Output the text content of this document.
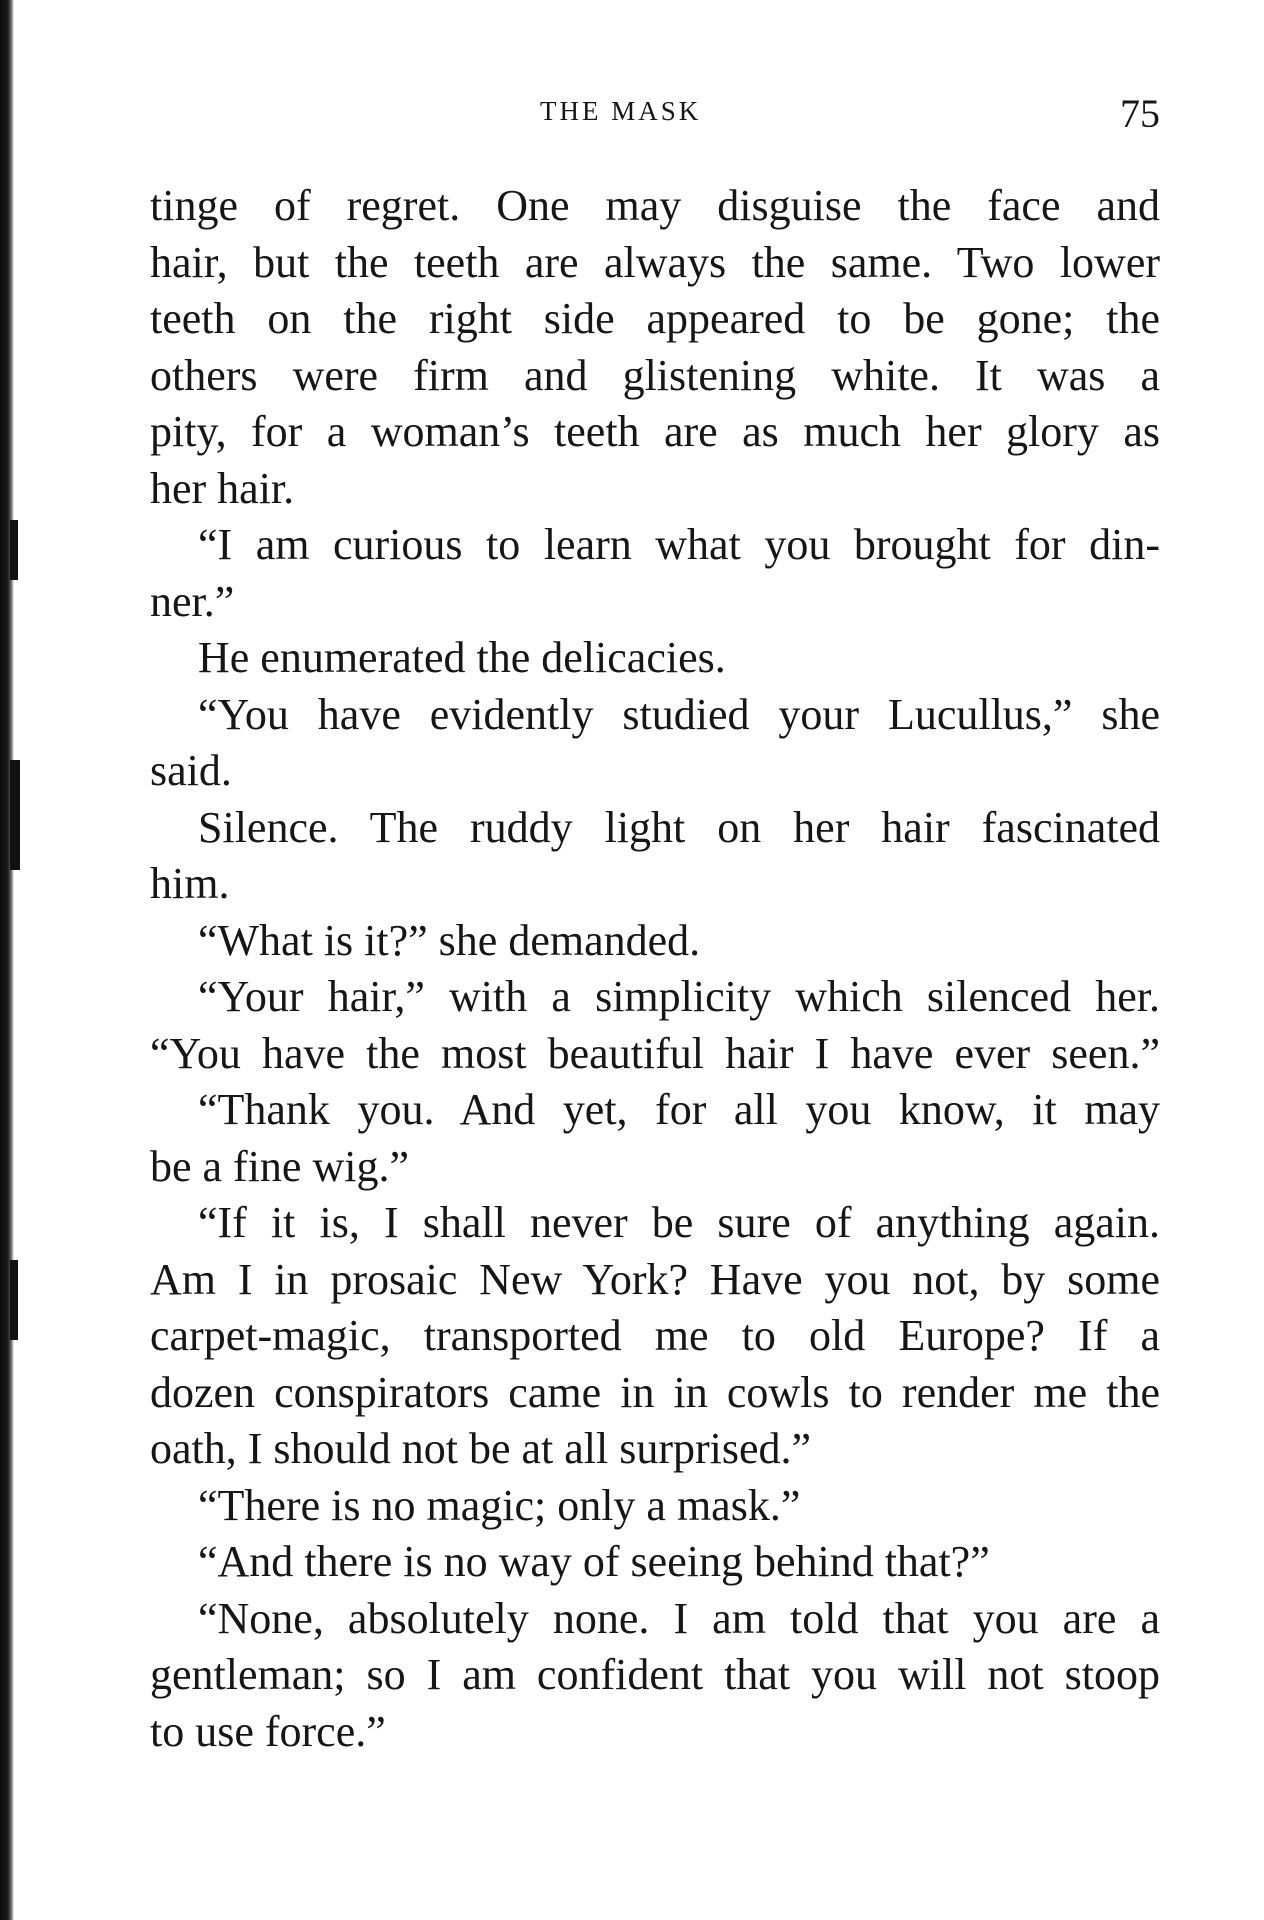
THE MASK	75
tinge of regret. One may disguise the face and
hair, but the teeth are always the same. Two lower
teeth on the right side appeared to be gone; the
others were firm and glistening white. It was a
pity, for a woman’s teeth are as much her glory as
her hair.
“I am curious to learn what you brought for din-
ner.”
He enumerated the delicacies.
“You have evidently studied your Lucullus,” she
said.
Silence. The ruddy light on her hair fascinated
him.
“What is it?” she demanded.
“Your hair,” with a simplicity which silenced her.
“You have the most beautiful hair I have ever seen.”
“Thank you. And yet, for all you know, it may
be a fine wig.”
“If it is, I shall never be sure of anything again.
Am I in prosaic New York? Have you not, by some
carpet-magic, transported me to old Europe? If a
dozen conspirators came in in cowls to render me the
oath, I should not be at all surprised.”
“There is no magic; only a mask.”
“And there is no way of seeing behind that?”
“None, absolutely none. I am told that you are a
gentleman; so I am confident that you will not stoop
to use force.”
